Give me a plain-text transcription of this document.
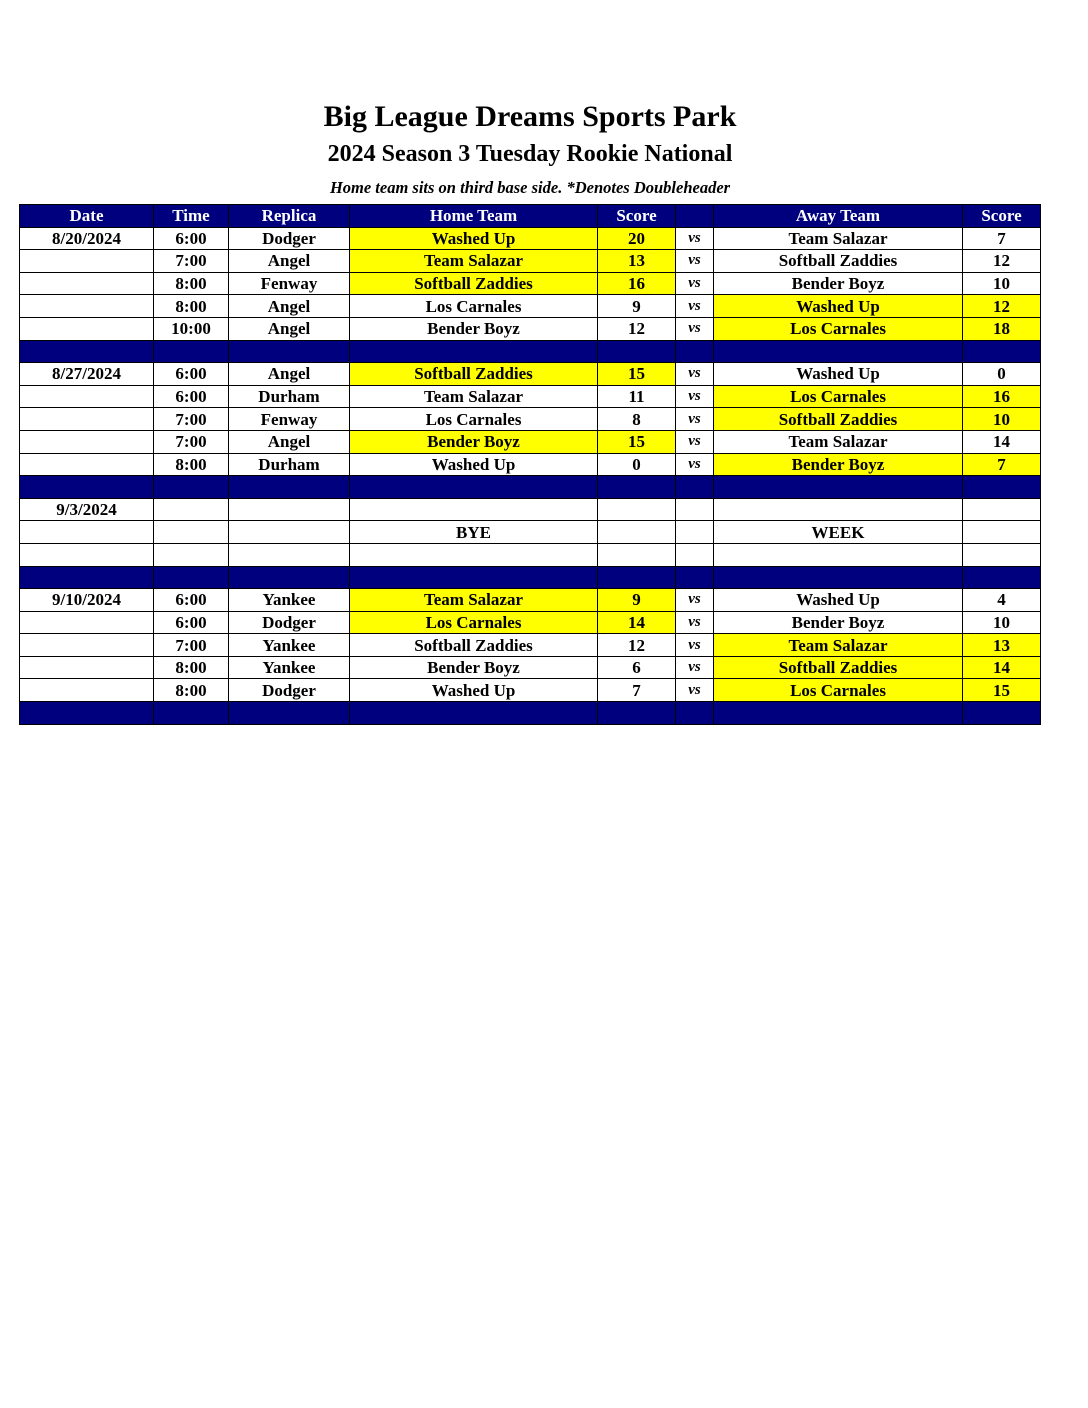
Big League Dreams Sports Park
2024 Season 3 Tuesday Rookie National
Home team sits on third base side. *Denotes Doubleheader
Date	Time	Replica	Home Team	Score		Away Team	Score
8/20/2024	6:00	Dodger	Washed Up	20	vs	Team Salazar	7
	7:00	Angel	Team Salazar	13	vs	Softball Zaddies	12
	8:00	Fenway	Softball Zaddies	16	vs	Bender Boyz	10
	8:00	Angel	Los Carnales	9	vs	Washed Up	12
	10:00	Angel	Bender Boyz	12	vs	Los Carnales	18

8/27/2024	6:00	Angel	Softball Zaddies	15	vs	Washed Up	0
	6:00	Durham	Team Salazar	11	vs	Los Carnales	16
	7:00	Fenway	Los Carnales	8	vs	Softball Zaddies	10
	7:00	Angel	Bender Boyz	15	vs	Team Salazar	14
	8:00	Durham	Washed Up	0	vs	Bender Boyz	7

9/3/2024							
			BYE			WEEK	

9/10/2024	6:00	Yankee	Team Salazar	9	vs	Washed Up	4
	6:00	Dodger	Los Carnales	14	vs	Bender Boyz	10
	7:00	Yankee	Softball Zaddies	12	vs	Team Salazar	13
	8:00	Yankee	Bender Boyz	6	vs	Softball Zaddies	14
	8:00	Dodger	Washed Up	7	vs	Los Carnales	15
